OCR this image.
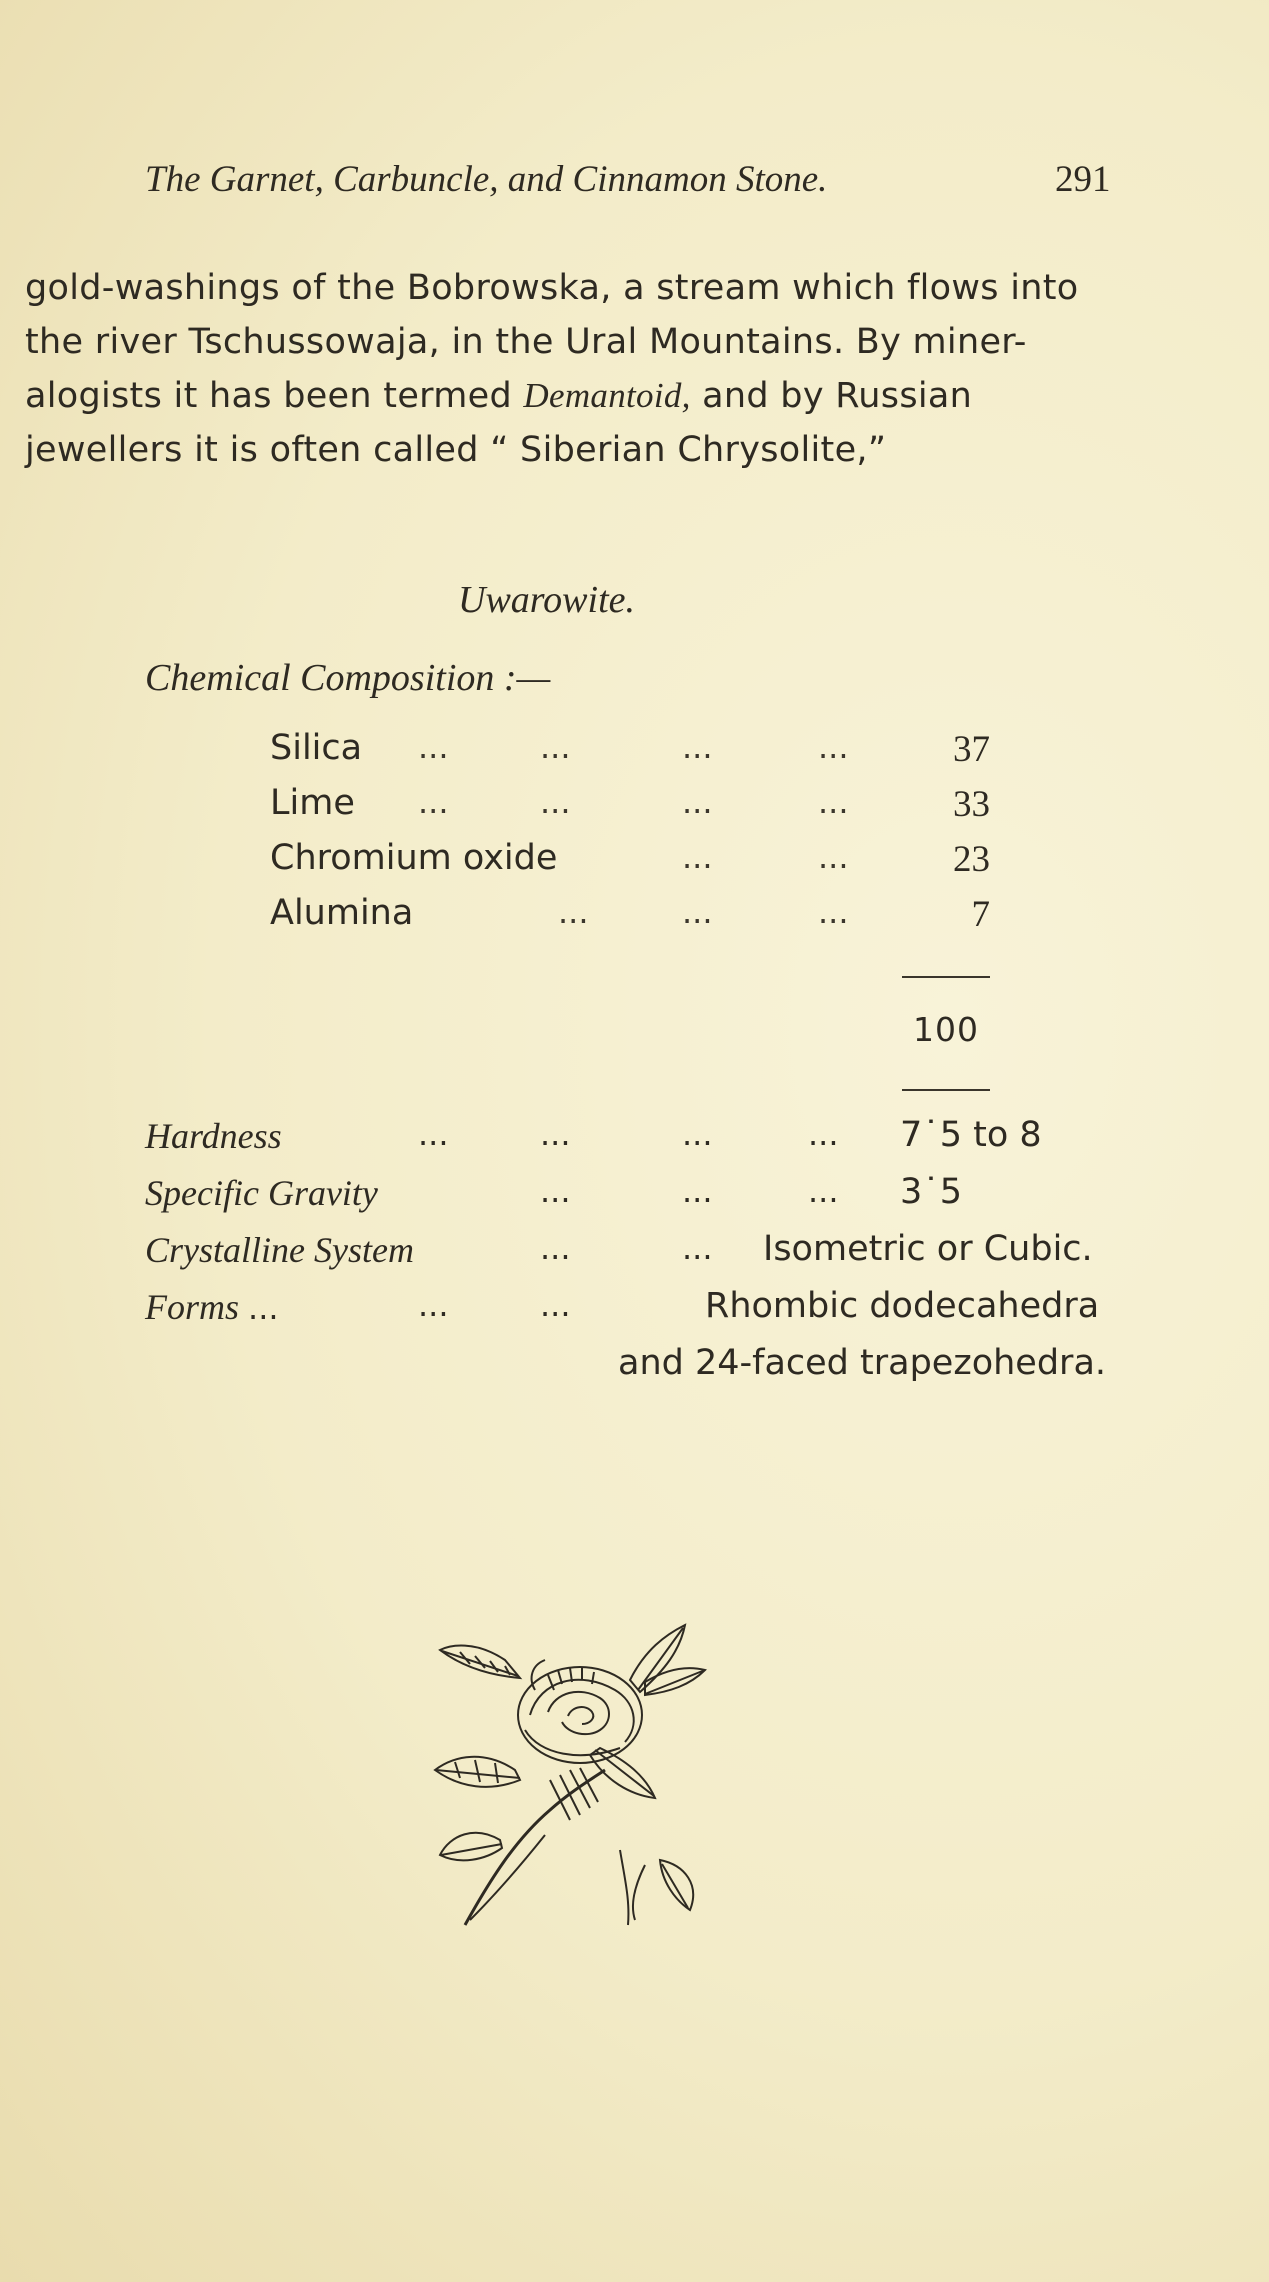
The Garnet, Carbuncle, and Cinnamon Stone.	291
gold-washings of the Bobrowska, a stream which flows into
the river Tschussowaja, in the Ural Mountains. By miner-
alogists it has been termed Demantoid, and by Russian
jewellers it is often called “ Siberian Chrysolite,”
Uwarowite.
Chemical Composition :—
Silica ...	...	...	...	37
Lime ...	...	...	...	33
Chromium oxide	...	...	23
Alumina	...	...	...	7
100
Hardness	...	...	...	... 7˙5 to 8
Specific Gravity	...	...	... 3˙5
Crystalline System	...	... Isometric or Cubic.
Forms ...	...	...	Rhombic dodecahedra
and 24-faced trapezohedra.
